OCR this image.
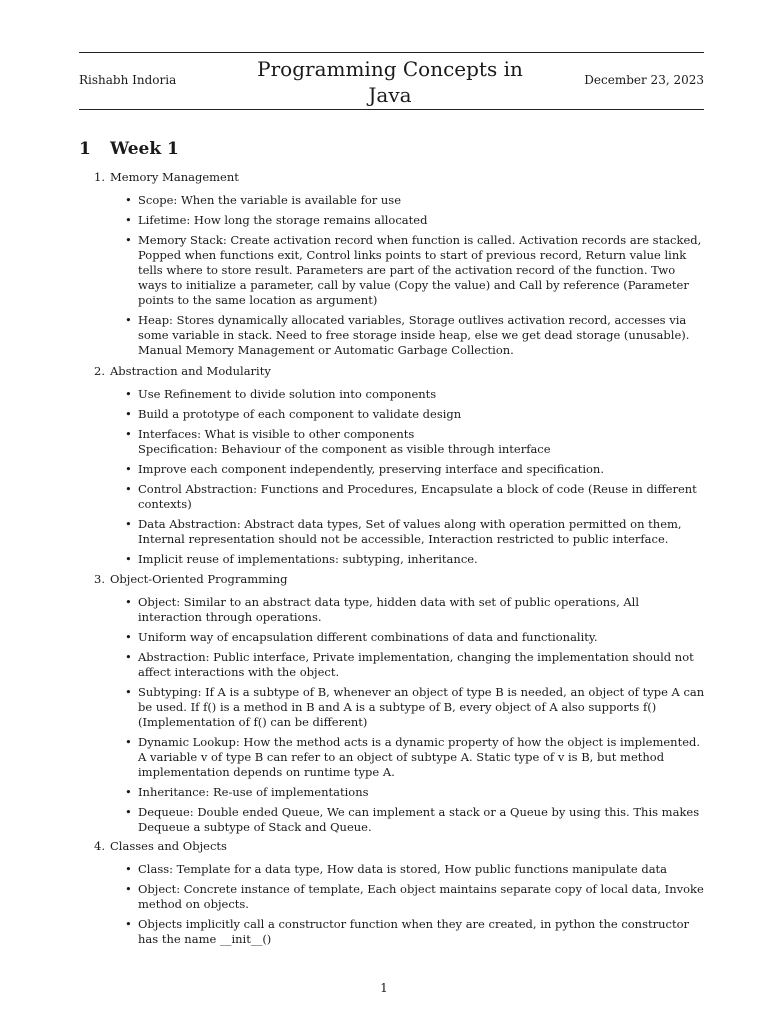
Rishabh Indoria	Programming Concepts in
Java
December 23, 2023
1 Week 1
1. Memory Management
• Scope: When the variable is available for use
• Lifetime: How long the storage remains allocated
• Memory Stack: Create activation record when function is called. Activation records are stacked, Popped when functions exit, Control links points to start of previous record, Return value link tells where to store result. Parameters are part of the activation record of the function. Two ways to initialize a parameter, call by value (Copy the value) and Call by reference (Parameter points to the same location as argument)
• Heap: Stores dynamically allocated variables, Storage outlives activation record, accesses via some variable in stack. Need to free storage inside heap, else we get dead storage (unusable). Manual Memory Management or Automatic Garbage Collection.
2. Abstraction and Modularity
• Use Refinement to divide solution into components
• Build a prototype of each component to validate design
• Interfaces: What is visible to other components
Specification: Behaviour of the component as visible through interface
• Improve each component independently, preserving interface and specification.
• Control Abstraction: Functions and Procedures, Encapsulate a block of code (Reuse in different contexts)
• Data Abstraction: Abstract data types, Set of values along with operation permitted on them, Internal representation should not be accessible, Interaction restricted to public interface.
• Implicit reuse of implementations: subtyping, inheritance.
3. Object-Oriented Programming
• Object: Similar to an abstract data type, hidden data with set of public operations, All interaction through operations.
• Uniform way of encapsulation different combinations of data and functionality.
• Abstraction: Public interface, Private implementation, changing the implementation should not affect interactions with the object.
• Subtyping: If A is a subtype of B, whenever an object of type B is needed, an object of type A can be used. If f() is a method in B and A is a subtype of B, every object of A also supports f() (Implementation of f() can be different)
• Dynamic Lookup: How the method acts is a dynamic property of how the object is implemented. A variable v of type B can refer to an object of subtype A. Static type of v is B, but method implementation depends on runtime type A.
• Inheritance: Re-use of implementations
• Dequeue: Double ended Queue, We can implement a stack or a Queue by using this. This makes Dequeue a subtype of Stack and Queue.
4. Classes and Objects
• Class: Template for a data type, How data is stored, How public functions manipulate data
• Object: Concrete instance of template, Each object maintains separate copy of local data, Invoke method on objects.
• Objects implicitly call a constructor function when they are created, in python the constructor has the name __init__()
1
